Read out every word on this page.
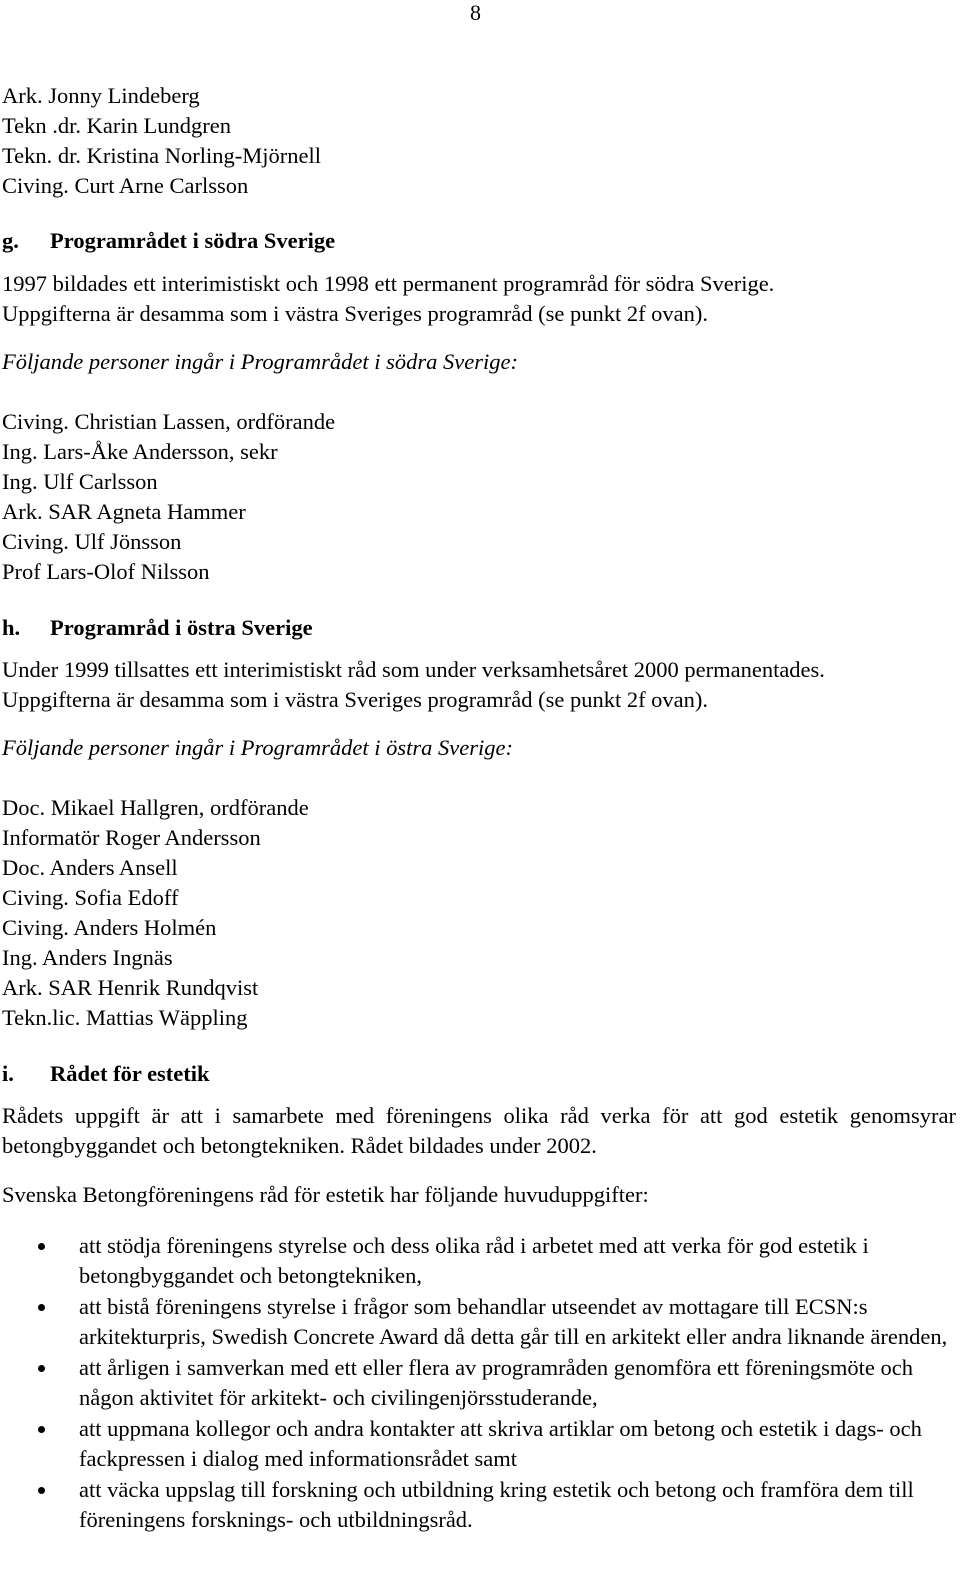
8
Ark. Jonny Lindeberg
Tekn .dr. Karin Lundgren
Tekn. dr. Kristina Norling-Mjörnell
Civing. Curt Arne Carlsson
g. Programrådet i södra Sverige
1997 bildades ett interimistiskt och 1998 ett permanent programråd för södra Sverige.
Uppgifterna är desamma som i västra Sveriges programråd (se punkt 2f ovan).
Följande personer ingår i Programrådet i södra Sverige:
Civing. Christian Lassen, ordförande
Ing. Lars-Åke Andersson, sekr
Ing. Ulf Carlsson
Ark. SAR Agneta Hammer
Civing. Ulf Jönsson
Prof Lars-Olof Nilsson
h. Programråd i östra Sverige
Under 1999 tillsattes ett interimistiskt råd som under verksamhetsåret 2000 permanentades.
Uppgifterna är desamma som i västra Sveriges programråd (se punkt 2f ovan).
Följande personer ingår i Programrådet i östra Sverige:
Doc. Mikael Hallgren, ordförande
Informatör Roger Andersson
Doc. Anders Ansell
Civing. Sofia Edoff
Civing. Anders Holmén
Ing. Anders Ingnäs
Ark. SAR Henrik Rundqvist
Tekn.lic. Mattias Wäppling
i. Rådet för estetik
Rådets uppgift är att i samarbete med föreningens olika råd verka för att god estetik genomsyrar betongbyggandet och betongtekniken. Rådet bildades under 2002.
Svenska Betongföreningens råd för estetik har följande huvuduppgifter:
att stödja föreningens styrelse och dess olika råd i arbetet med att verka för god estetik i betongbyggandet och betongtekniken,
att bistå föreningens styrelse i frågor som behandlar utseendet av mottagare till ECSN:s arkitekturpris, Swedish Concrete Award då detta går till en arkitekt eller andra liknande ärenden,
att årligen i samverkan med ett eller flera av programråden genomföra ett föreningsmöte och någon aktivitet för arkitekt- och civilingenjörsstuderande,
att uppmana kollegor och andra kontakter att skriva artiklar om betong och estetik i dags- och fackpressen i dialog med informationsrådet samt
att väcka uppslag till forskning och utbildning kring estetik och betong och framföra dem till föreningens forsknings- och utbildningsråd.
